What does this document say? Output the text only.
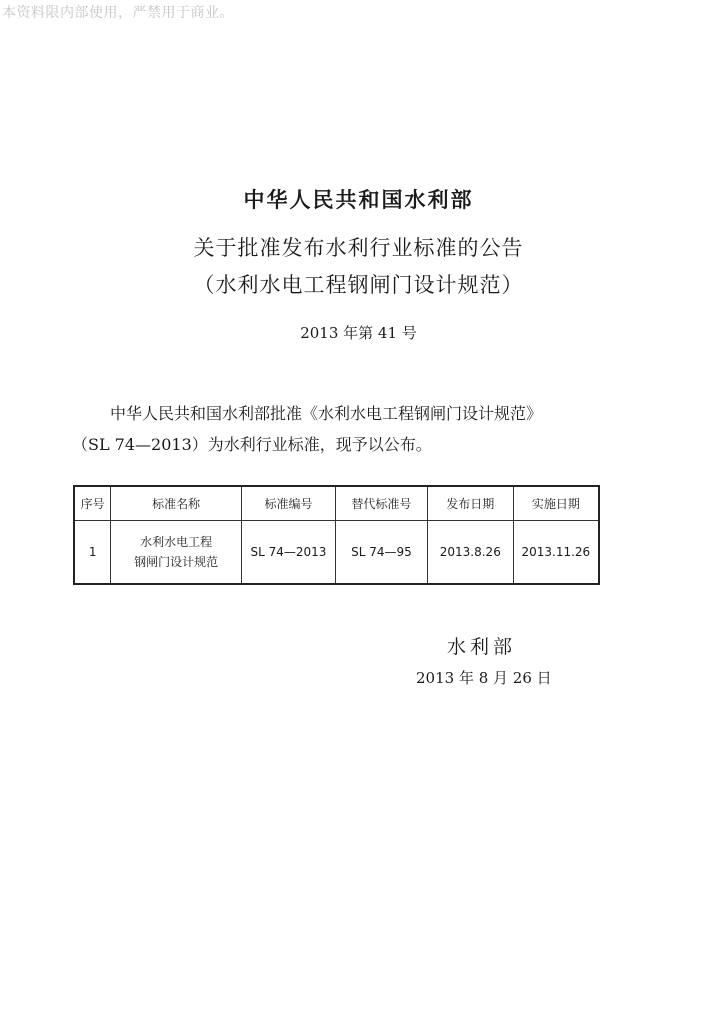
本资料限内部使用，严禁用于商业。
中华人民共和国水利部
关于批准发布水利行业标准的公告
（水利水电工程钢闸门设计规范）
2013 年第 41 号
中华人民共和国水利部批准《水利水电工程钢闸门设计规范》
（SL 74—2013）为水利行业标准，现予以公布。
序号	标准名称	标准编号	替代标准号	发布日期	实施日期
1	水利水电工程
钢闸门设计规范	SL 74—2013	SL 74—95	2013.8.26	2013.11.26
水利部
2013 年 8 月 26 日
